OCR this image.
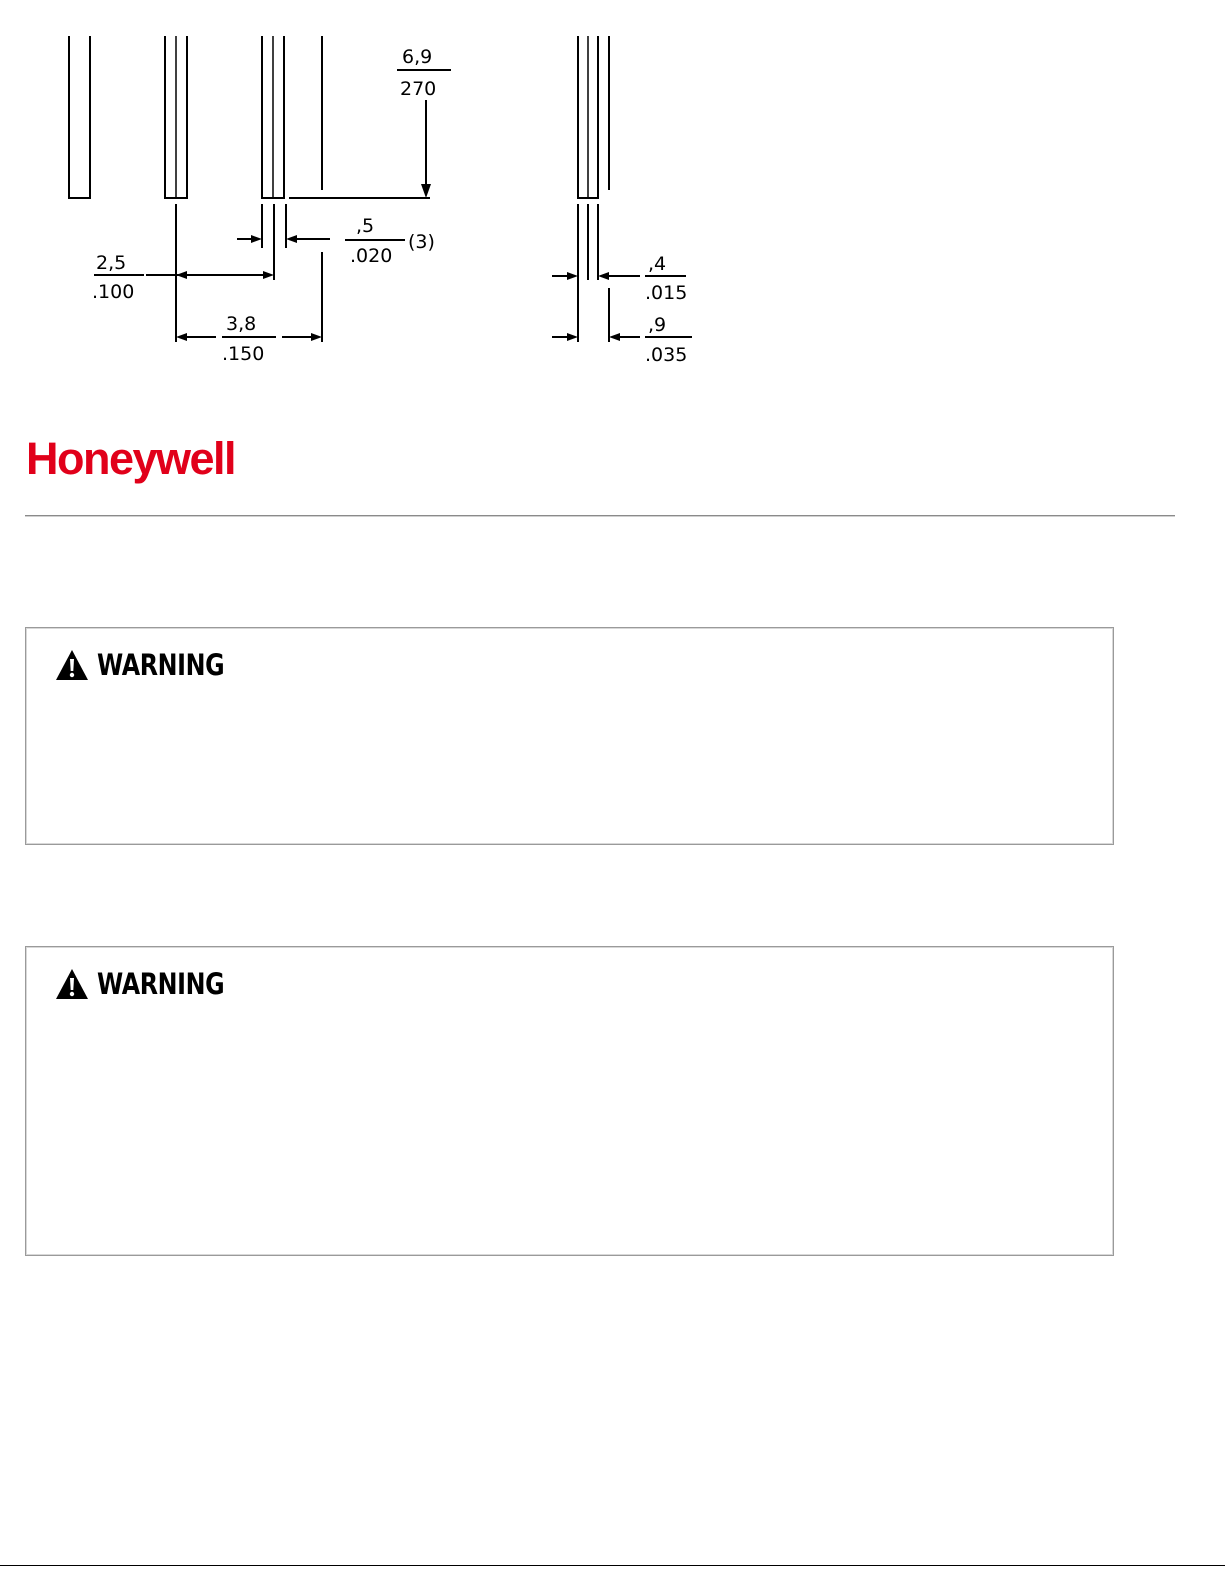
6,9
270
,5
.020
(3)
2,5
.100
3,8
.150
,4
.015
,9
.035
Honeywell
WARNING
WARNING
